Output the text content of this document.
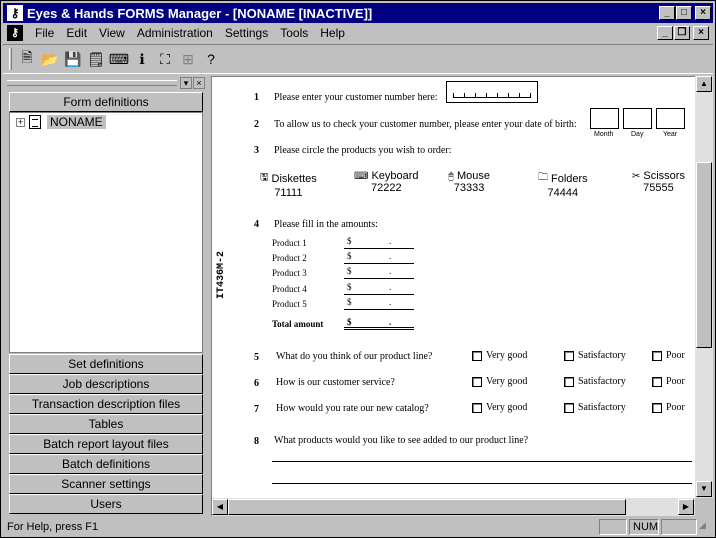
⚷ Eyes & Hands FORMS Manager - [NONAME [INACTIVE]]	_	□	×
⚷	File	Edit	View	Administration	Settings	Tools	Help	_ ❐	×
🗎 📂 💾 🗒 ⌨ ℹ	⛶ ⊞ ?
▾ ×
Form definitions
+ NONAME
Set definitions
Job descriptions
Transaction description files
Tables
Batch report layout files
Batch definitions
Scanner settings
Users
IT436M-2
1 Please enter your customer number here:
2 To allow us to check your customer number, please enter your date of birth:
Month	Day	Year
3 Please circle the products you wish to order:
🖫 Diskettes
71111
⌨ Keyboard
72222
🖰 Mouse
73333
🗀 Folders
74444
✂ Scissors
75555
4 Please fill in the amounts:
Product 1	$	.
Product 2	$	.
Product 3	$	.
Product 4	$	.
Product 5	$	.
Total amount	$	.
5 What do you think of our product line?	Very good	Satisfactory	Poor
6 How is our customer service?	Very good	Satisfactory	Poor
7 How would you rate our new catalog?	Very good	Satisfactory	Poor
8 What products would you like to see added to our product line?
▲
▼
◀	▶
For Help, press F1	NUM	◢
